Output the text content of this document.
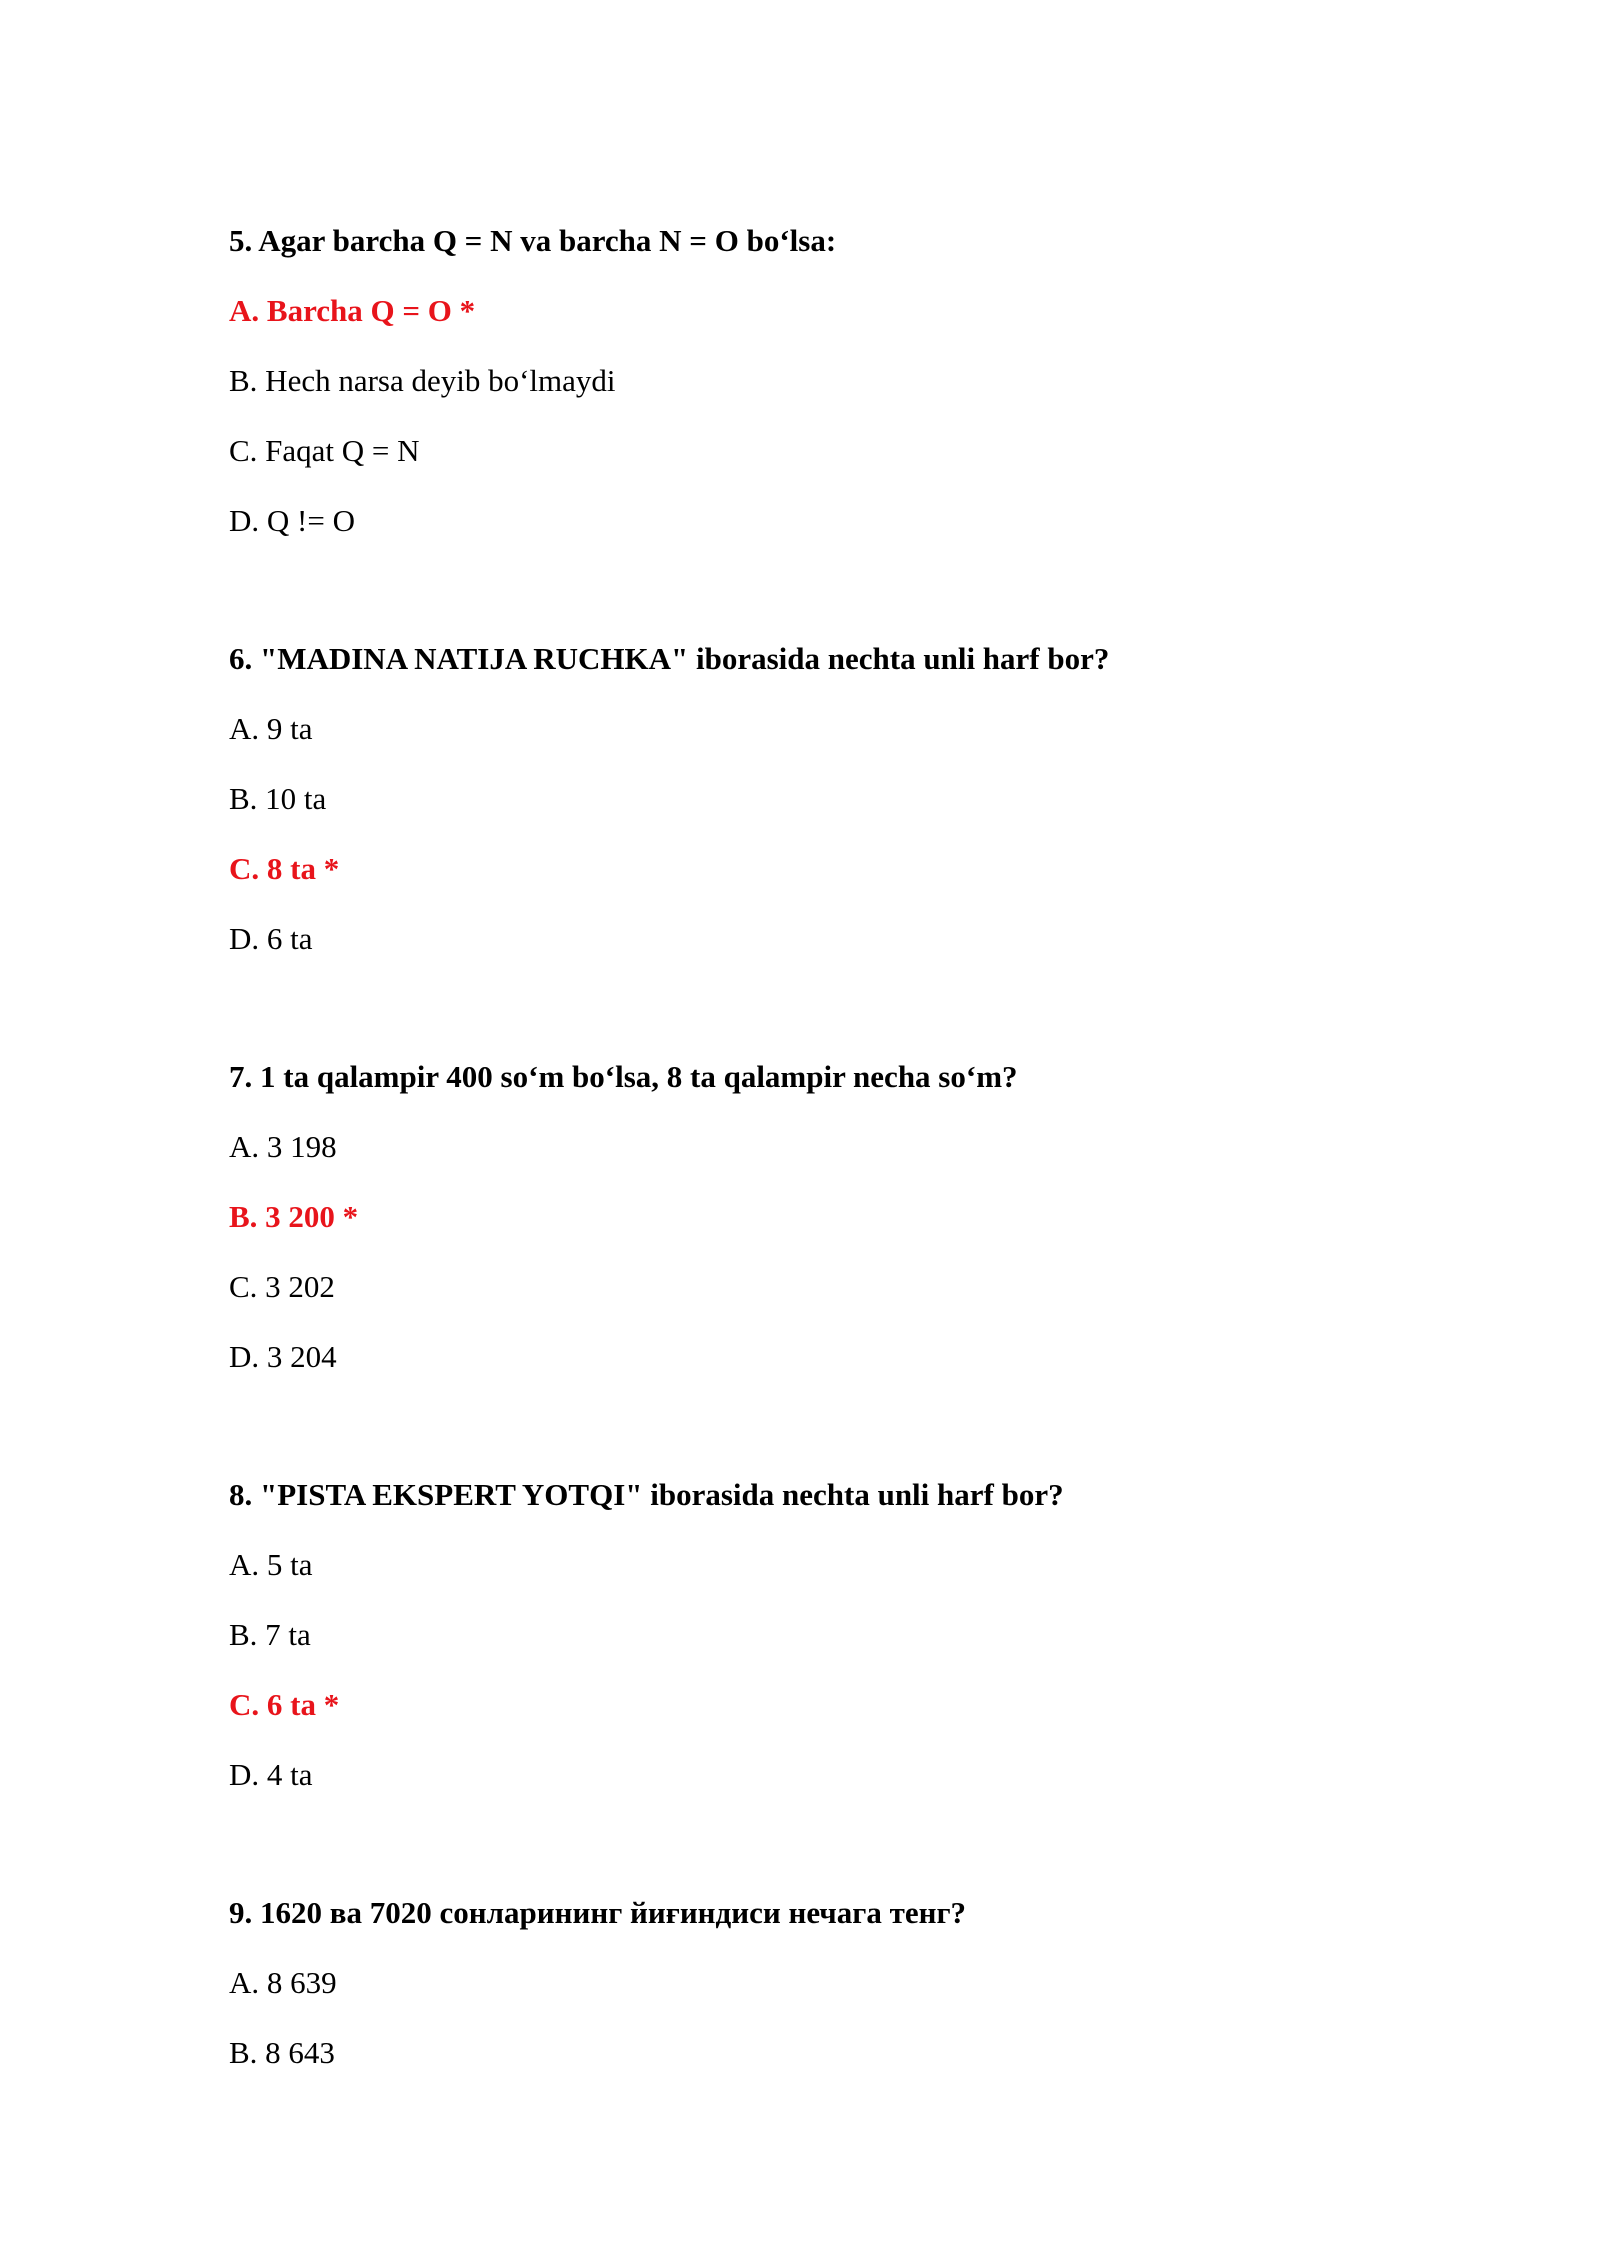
5. Agar barcha Q = N va barcha N = O bo‘lsa:
A. Barcha Q = O *
B. Hech narsa deyib bo‘lmaydi
C. Faqat Q = N
D. Q != O
6. "MADINA NATIJA RUCHKA" iborasida nechta unli harf bor?
A. 9 ta
B. 10 ta
C. 8 ta *
D. 6 ta
7. 1 ta qalampir 400 so‘m bo‘lsa, 8 ta qalampir necha so‘m?
A. 3 198
B. 3 200 *
C. 3 202
D. 3 204
8. "PISTA EKSPERT YOTQI" iborasida nechta unli harf bor?
A. 5 ta
B. 7 ta
C. 6 ta *
D. 4 ta
9. 1620 ва 7020 сонларининг йиғиндиси нечага тенг?
A. 8 639
B. 8 643
